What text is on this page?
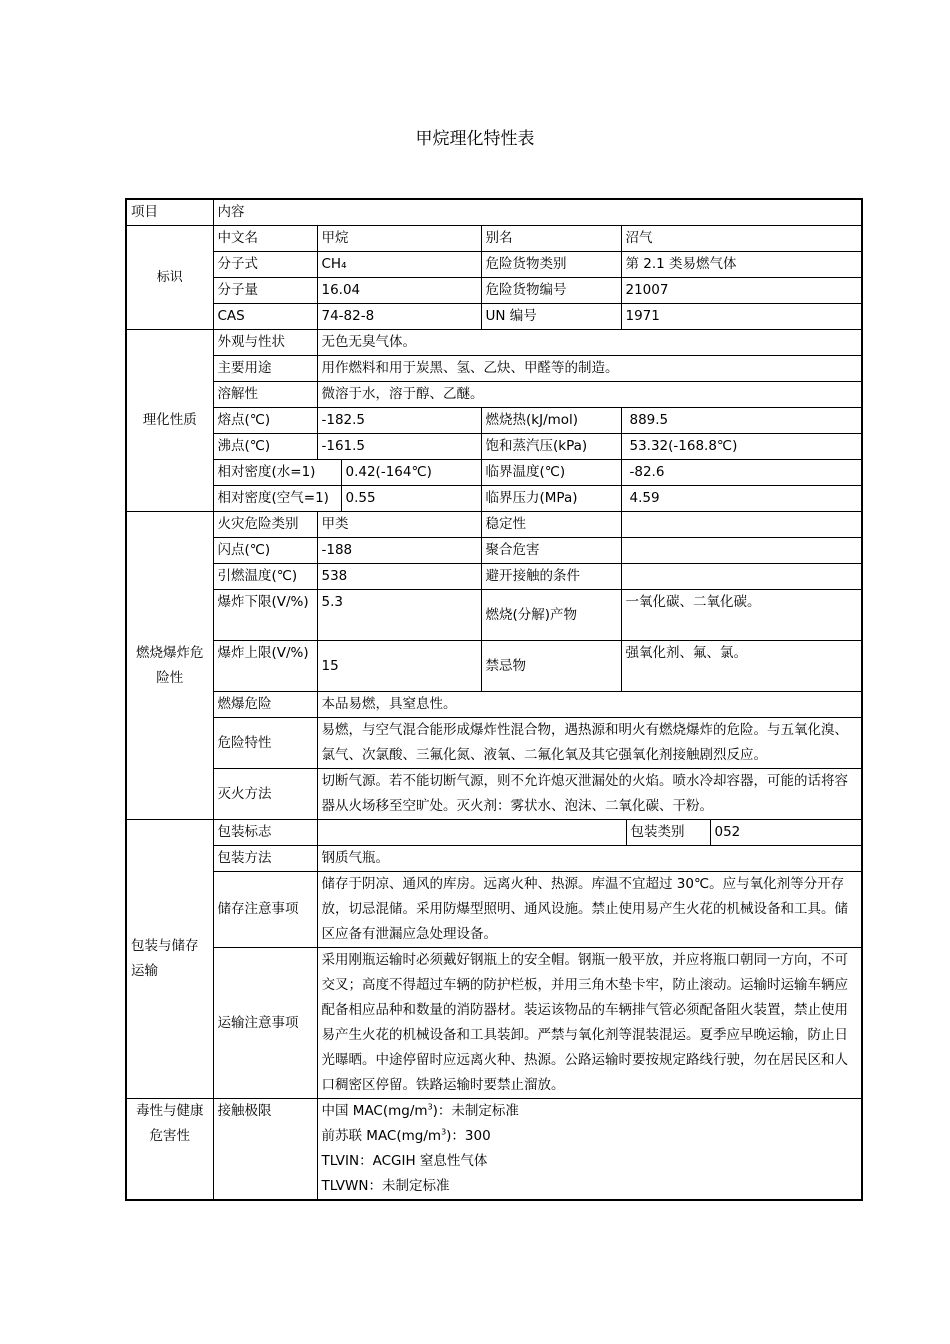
甲烷理化特性表
项目	内容						
标识	中文名	甲烷		别名	沼气		
	分子式	CH₄		危险货物类别	第 2.1 类易燃气体		
	分子量	16.04		危险货物编号	21007		
	CAS	74-82-8		UN 编号	1971		
理化性质	外观与性状	无色无臭气体。					
	主要用途	用作燃料和用于炭黑、氢、乙炔、甲醛等的制造。					
	溶解性	微溶于水，溶于醇、乙醚。					
	熔点(℃)	-182.5		燃烧热(kJ/mol)	889.5		
	沸点(℃)	-161.5		饱和蒸汽压(kPa)	53.32(-168.8℃)		
	相对密度(水=1)		0.42(-164℃)	临界温度(℃)	-82.6		
	相对密度(空气=1)		0.55	临界压力(MPa)	4.59		
燃烧爆炸危险性	火灾危险类别	甲类		稳定性			
	闪点(℃)	-188		聚合危害			
	引燃温度(℃)	538		避开接触的条件			
	爆炸下限(V/%)	5.3		燃烧(分解)产物	一氧化碳、二氧化碳。		
	爆炸上限(V/%)	15		禁忌物	强氧化剂、氟、氯。		
	燃爆危险	本品易燃，具窒息性。					
	危险特性	易燃，与空气混合能形成爆炸性混合物，遇热源和明火有燃烧爆炸的危险。与五氧化溴、氯气、次氯酸、三氟化氮、液氧、二氟化氧及其它强氧化剂接触剧烈反应。					
	灭火方法	切断气源。若不能切断气源，则不允许熄灭泄漏处的火焰。喷水冷却容器，可能的话将容器从火场移至空旷处。灭火剂：雾状水、泡沫、二氧化碳、干粉。					
包装与储存运输	包装标志					包装类别	052
	包装方法	钢质气瓶。					
	储存注意事项	储存于阴凉、通风的库房。远离火种、热源。库温不宜超过 30℃。应与氧化剂等分开存放，切忌混储。采用防爆型照明、通风设施。禁止使用易产生火花的机械设备和工具。储区应备有泄漏应急处理设备。					
	运输注意事项	采用刚瓶运输时必须戴好钢瓶上的安全帽。钢瓶一般平放，并应将瓶口朝同一方向，不可交叉；高度不得超过车辆的防护栏板，并用三角木垫卡牢，防止滚动。运输时运输车辆应配备相应品种和数量的消防器材。装运该物品的车辆排气管必须配备阻火装置，禁止使用易产生火花的机械设备和工具装卸。严禁与氧化剂等混装混运。夏季应早晚运输，防止日光曝晒。中途停留时应远离火种、热源。公路运输时要按规定路线行驶，勿在居民区和人口稠密区停留。铁路运输时要禁止溜放。					
毒性与健康危害性	接触极限	中国 $MAC(mg/m^3)$：未制定标准
前苏联 $MAC(mg/m^3)$：300
TLVIN：ACGIH 窒息性气体
TLVWN：未制定标准					
